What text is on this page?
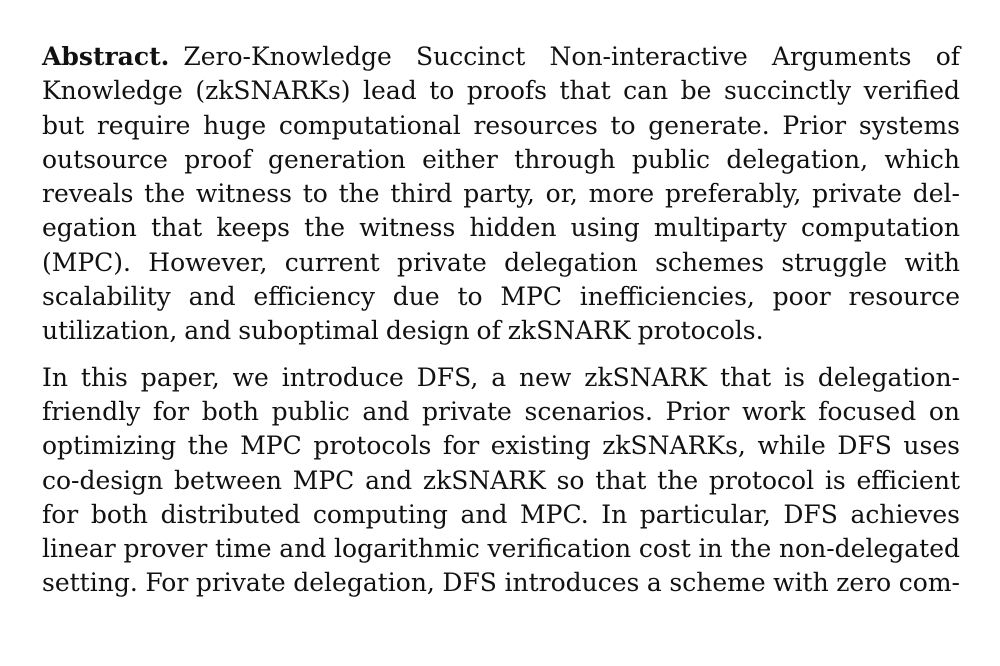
Abstract. Zero-Knowledge Succinct Non-interactive Arguments of
Knowledge (zkSNARKs) lead to proofs that can be succinctly verified
but require huge computational resources to generate. Prior systems
outsource proof generation either through public delegation, which
reveals the witness to the third party, or, more preferably, private del-
egation that keeps the witness hidden using multiparty computation
(MPC). However, current private delegation schemes struggle with
scalability and efficiency due to MPC inefficiencies, poor resource
utilization, and suboptimal design of zkSNARK protocols.
In this paper, we introduce DFS, a new zkSNARK that is delegation-
friendly for both public and private scenarios. Prior work focused on
optimizing the MPC protocols for existing zkSNARKs, while DFS uses
co-design between MPC and zkSNARK so that the protocol is efficient
for both distributed computing and MPC. In particular, DFS achieves
linear prover time and logarithmic verification cost in the non-delegated
setting. For private delegation, DFS introduces a scheme with zero com-
